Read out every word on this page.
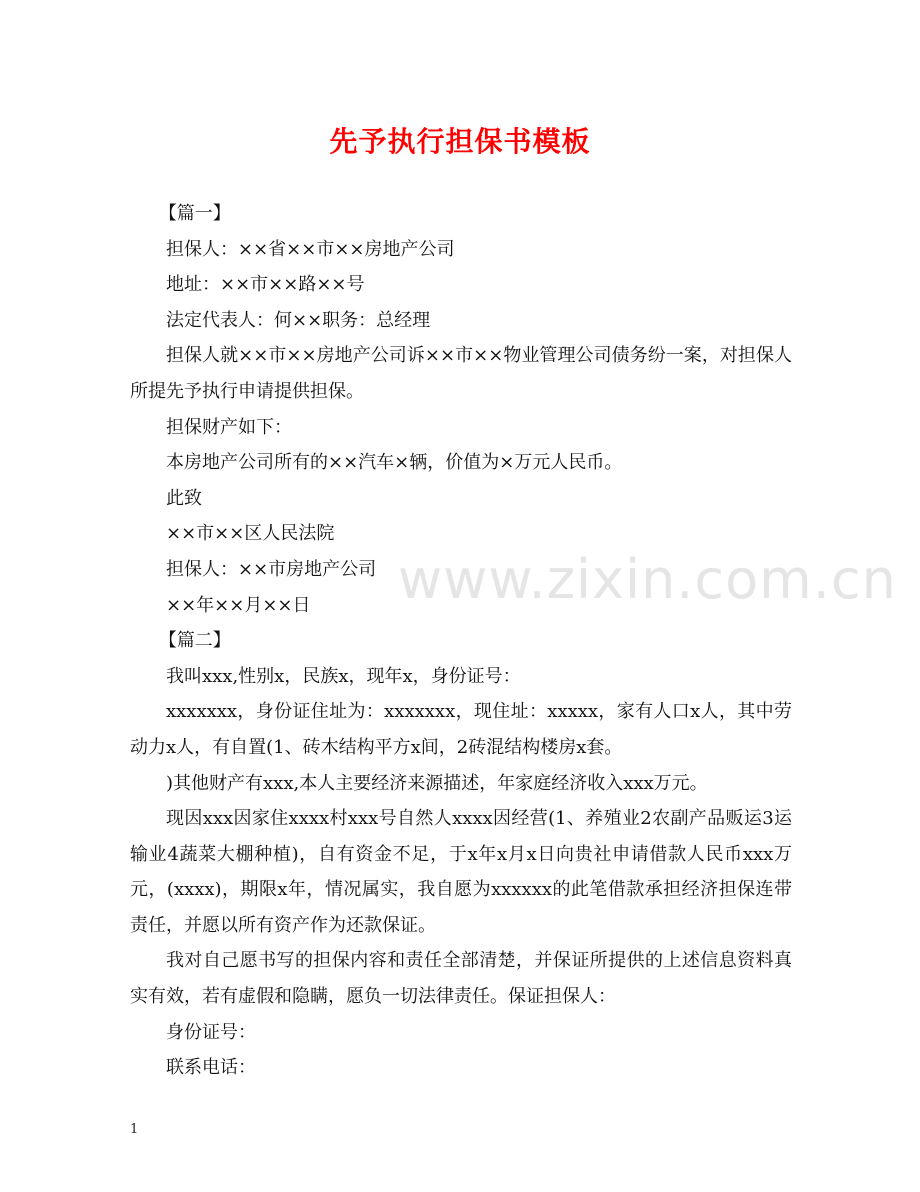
先予执行担保书模板

【篇一】

担保人：××省××市××房地产公司

地址：××市××路××号

法定代表人：何××职务：总经理

担保人就××市××房地产公司诉××市××物业管理公司债务纷一案，对担保人所提先予执行申请提供担保。

担保财产如下：

本房地产公司所有的××汽车×辆，价值为×万元人民币。

此致

××市××区人民法院

担保人：××市房地产公司

××年××月××日

【篇二】

我叫xxx,性别x，民族x，现年x，身份证号：

xxxxxxx，身份证住址为：xxxxxxx，现住址：xxxxx，家有人口x人，其中劳动力x人，有自置(1、砖木结构平方x间，2砖混结构楼房x套。

)其他财产有xxx,本人主要经济来源描述，年家庭经济收入xxx万元。

现因xxx因家住xxxx村xxx号自然人xxxx因经营(1、养殖业2农副产品贩运3运输业4蔬菜大棚种植)，自有资金不足，于x年x月x日向贵社申请借款人民币xxx万元，(xxxx)，期限x年，情况属实，我自愿为xxxxxx的此笔借款承担经济担保连带责任，并愿以所有资产作为还款保证。

我对自己愿书写的担保内容和责任全部清楚，并保证所提供的上述信息资料真实有效，若有虚假和隐瞒，愿负一切法律责任。保证担保人：

身份证号：

联系电话：

www.zixin.com.cn
1
